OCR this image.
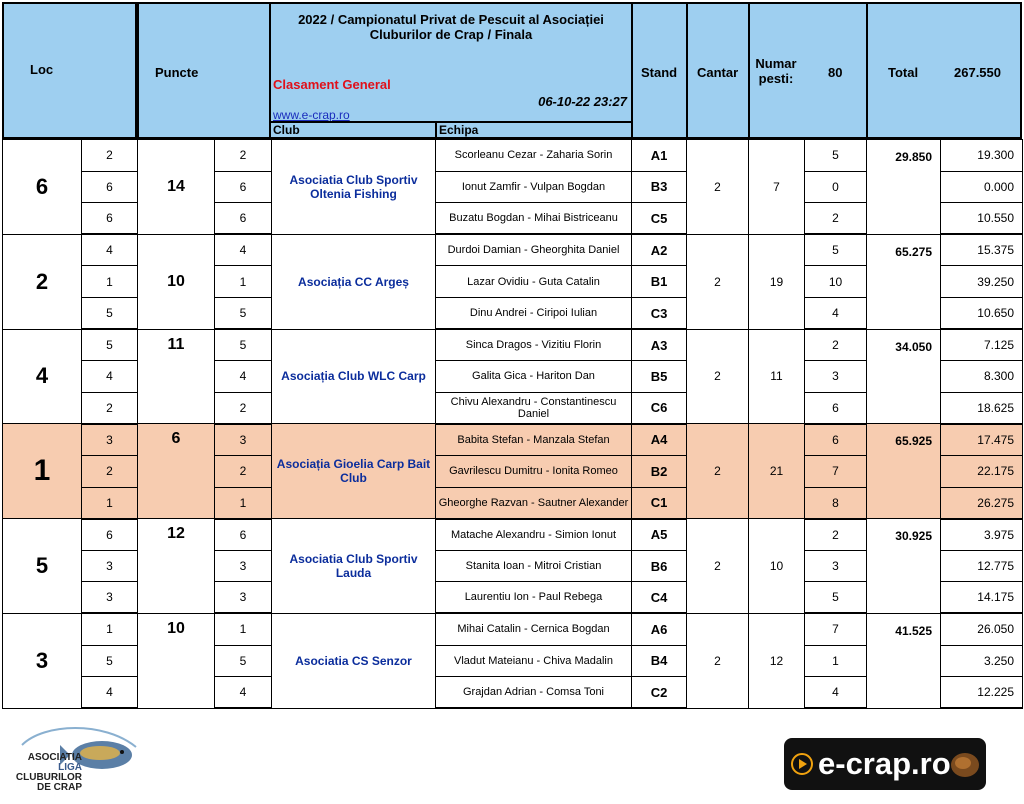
Loc	Puncte
2022 / Campionatul Privat de Pescuit al Asociației
Cluburilor de Crap / Finala
Clasament General
06-10-22 23:27
www.e-crap.ro
Club	Echipa
Stand Cantar
Numar pesti:	80	Total	267.550
6	2	14	2	Asociatia Club Sportiv Oltenia Fishing	Scorleanu Cezar - Zaharia Sorin	A1	2	7	5	29.850	19.300
	6		6		Ionut Zamfir - Vulpan Bogdan	B3			0		0.000
	6		6		Buzatu Bogdan - Mihai Bistriceanu	C5			2		10.550
2	4	10	4	Asociația CC Argeș	Durdoi Damian - Gheorghita Daniel	A2	2	19	5	65.275	15.375
	1		1		Lazar Ovidiu - Guta Catalin	B1			10		39.250
	5		5		Dinu Andrei - Ciripoi Iulian	C3			4		10.650
4	5	11	5	Asociația Club WLC Carp	Sinca Dragos - Vizitiu Florin	A3	2	11	2	34.050	7.125
	4		4		Galita Gica - Hariton Dan	B5			3		8.300
	2		2		Chivu Alexandru - Constantinescu Daniel	C6			6		18.625
1	3	6	3	Asociația Gioelia Carp Bait Club	Babita Stefan - Manzala Stefan	A4	2	21	6	65.925	17.475
	2		2		Gavrilescu Dumitru - Ionita Romeo	B2			7		22.175
	1		1		Gheorghe Razvan - Sautner Alexander	C1			8		26.275
5	6	12	6	Asociatia Club Sportiv Lauda	Matache Alexandru - Simion Ionut	A5	2	10	2	30.925	3.975
	3		3		Stanita Ioan - Mitroi Cristian	B6			3		12.775
	3		3		Laurentiu Ion - Paul Rebega	C4			5		14.175
3	1	10	1	Asociatia CS Senzor	Mihai Catalin - Cernica Bogdan	A6	2	12	7	41.525	26.050
	5		5		Vladut Mateianu - Chiva Madalin	B4			1		3.250
	4		4		Grajdan Adrian - Comsa Toni	C2			4		12.225
ASOCIATIA
LIGA
CLUBURILOR
DE CRAP
e-crap.ro
